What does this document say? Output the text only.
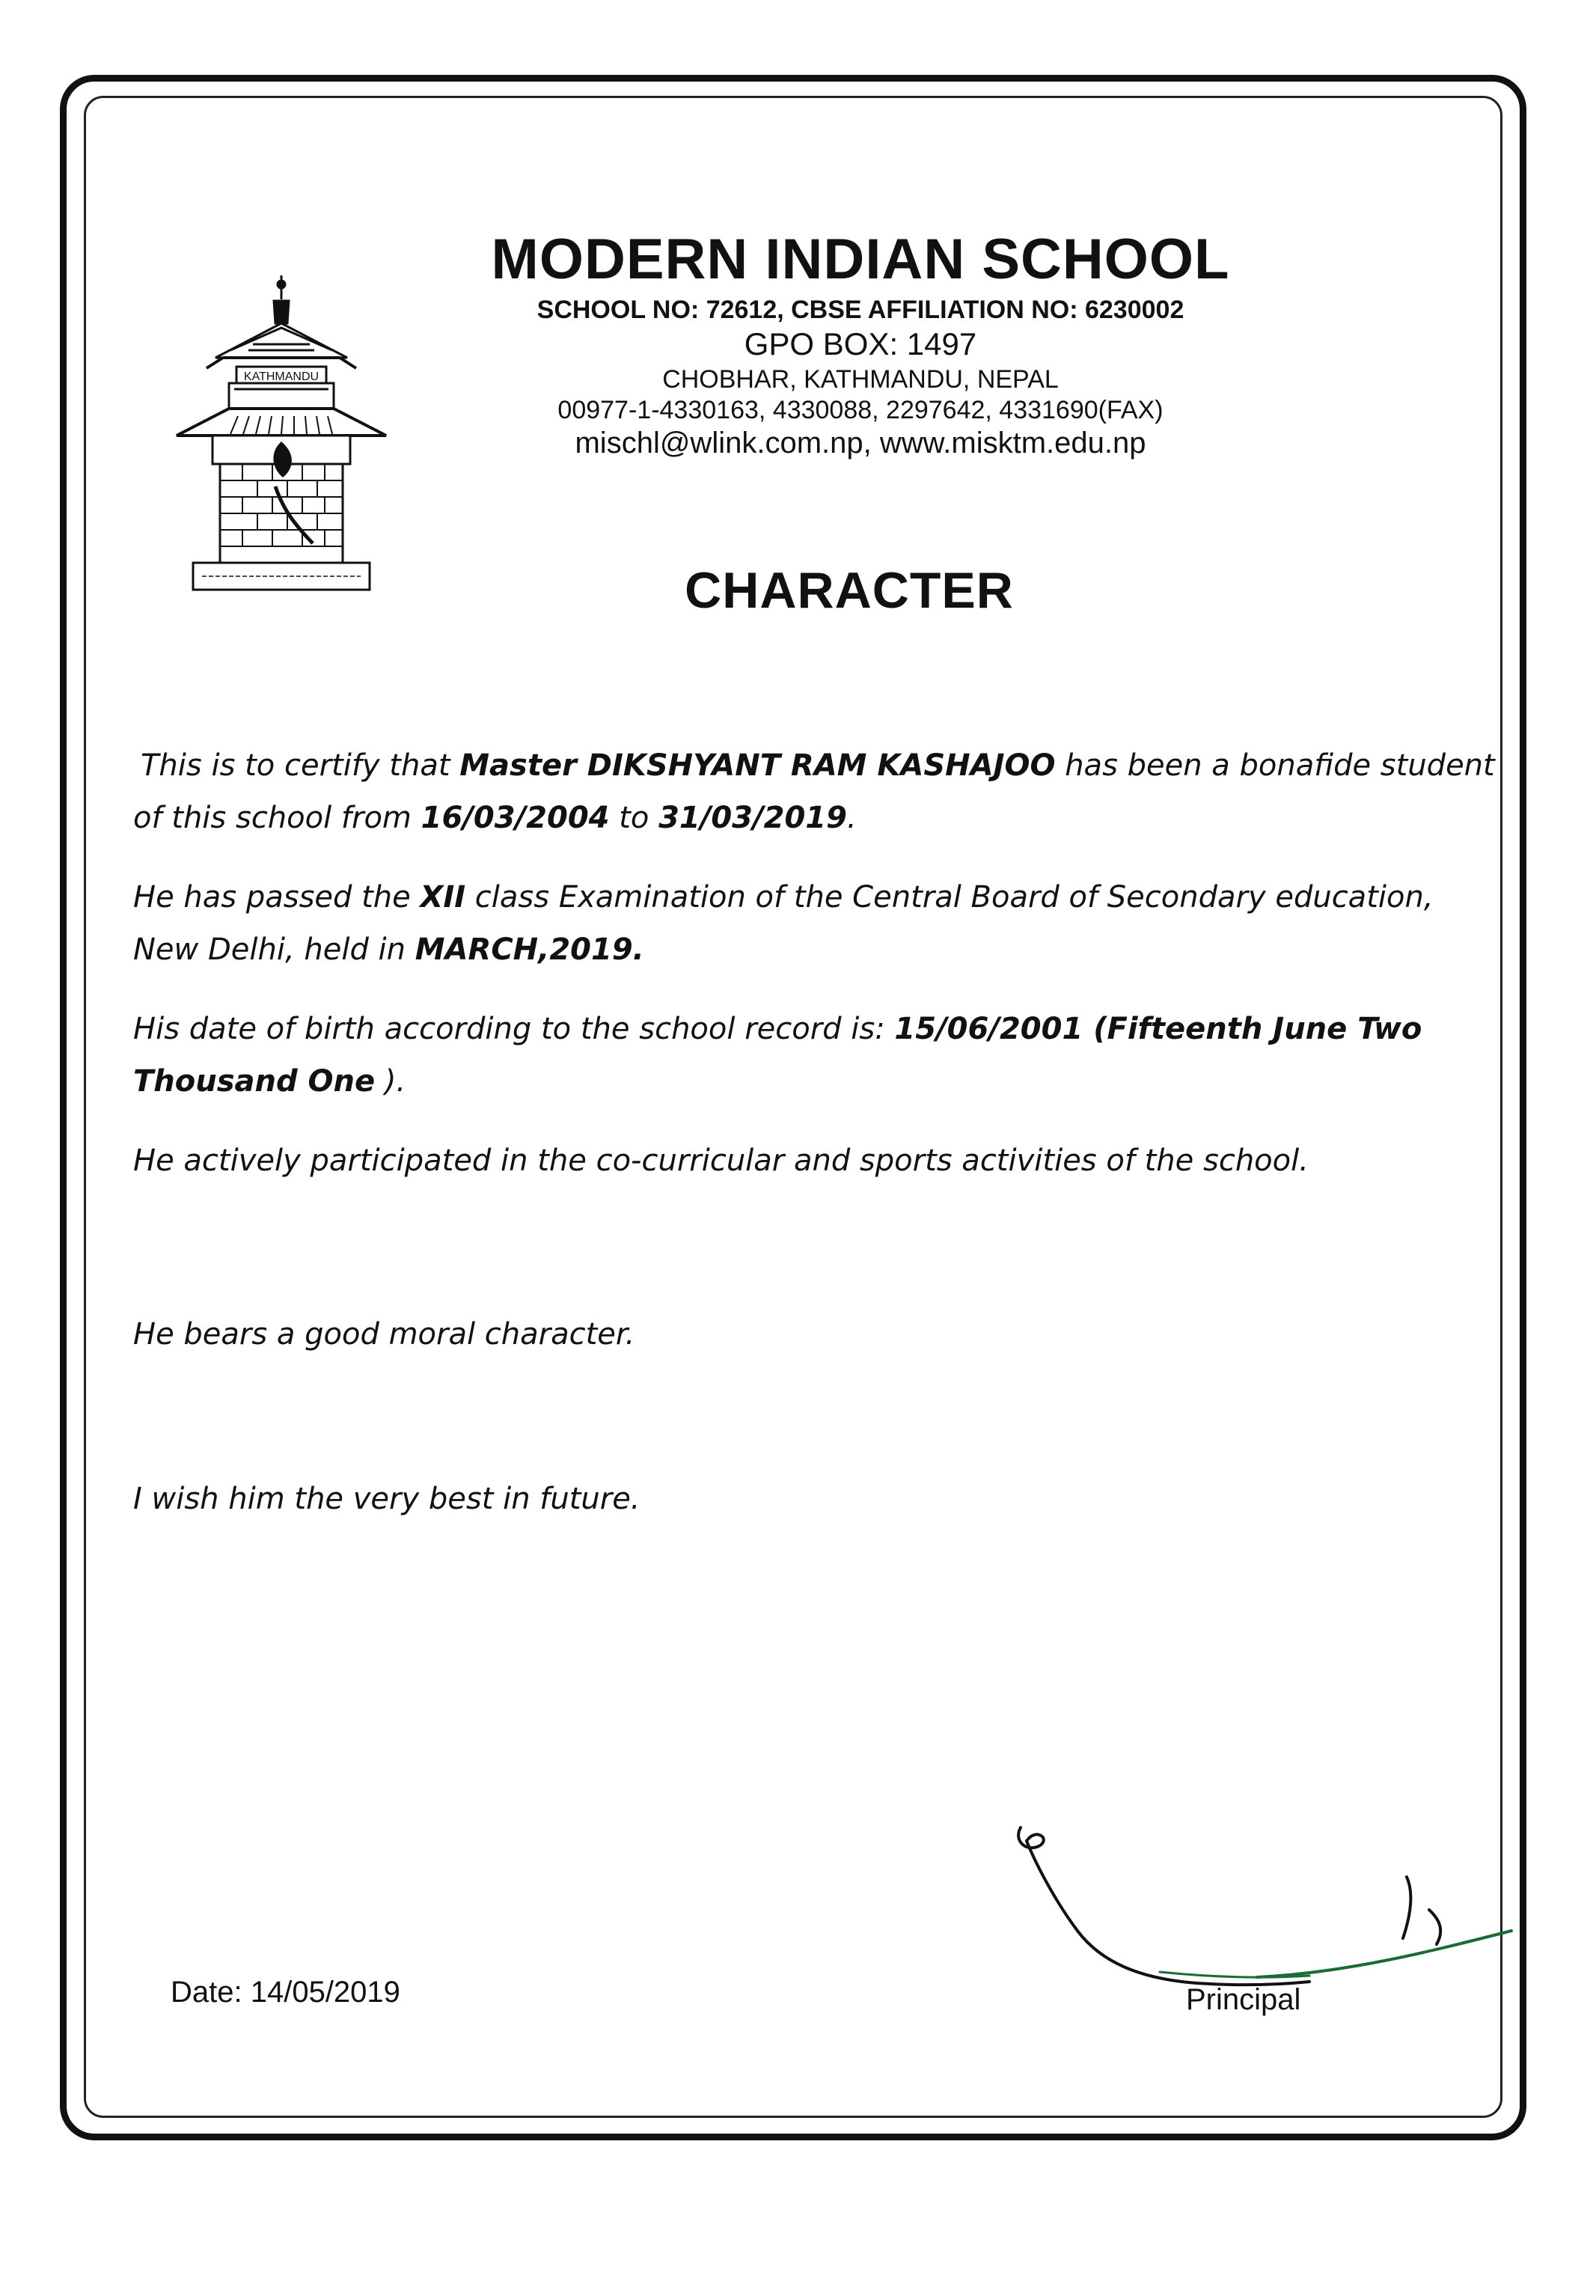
KATHMANDU
MODERN INDIAN SCHOOL
SCHOOL NO: 72612, CBSE AFFILIATION NO: 6230002
GPO BOX: 1497
CHOBHAR, KATHMANDU, NEPAL
00977-1-4330163, 4330088, 2297642, 4331690(FAX)
mischl@wlink.com.np, www.misktm.edu.np
CHARACTER

This is to certify that Master DIKSHYANT RAM KASHAJOO has been a bonafide student of this school from 16/03/2004 to 31/03/2019.

He has passed the XII class Examination of the Central Board of Secondary education, New Delhi, held in MARCH,2019.

His date of birth according to the school record is: 15/06/2001 (Fifteenth June Two Thousand One ).

He actively participated in the co-curricular and sports activities of the school.

He bears a good moral character.

I wish him the very best in future.

Date: 14/05/2019	Principal
